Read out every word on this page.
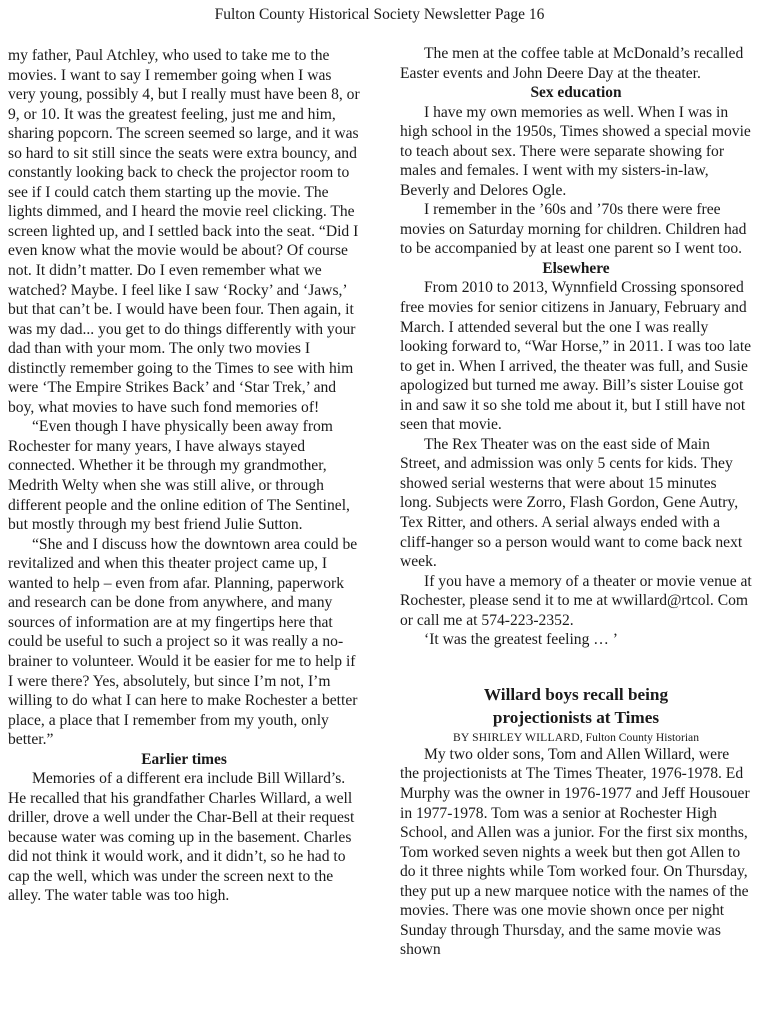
Fulton County Historical Society Newsletter Page 16

my father, Paul Atchley, who used to take me to the movies. I want to say I remember going when I was very young, possibly 4, but I really must have been 8, or 9, or 10. It was the greatest feeling, just me and him, sharing popcorn. The screen seemed so large, and it was so hard to sit still since the seats were extra bouncy, and constantly looking back to check the projector room to see if I could catch them starting up the movie. The lights dimmed, and I heard the movie reel clicking. The screen lighted up, and I settled back into the seat. “Did I even know what the movie would be about? Of course not. It didn’t matter. Do I even remember what we watched? Maybe. I feel like I saw ‘Rocky’ and ‘Jaws,’ but that can’t be. I would have been four. Then again, it was my dad... you get to do things differently with your dad than with your mom. The only two movies I distinctly remember going to the Times to see with him were ‘The Empire Strikes Back’ and ‘Star Trek,’ and boy, what movies to have such fond memories of!

“Even though I have physically been away from Rochester for many years, I have always stayed connected. Whether it be through my grandmother, Medrith Welty when she was still alive, or through different people and the online edition of The Sentinel, but mostly through my best friend Julie Sutton.

“She and I discuss how the downtown area could be revitalized and when this theater project came up, I wanted to help – even from afar. Planning, paperwork and research can be done from anywhere, and many sources of information are at my fingertips here that could be useful to such a project so it was really a no-brainer to volunteer. Would it be easier for me to help if I were there? Yes, absolutely, but since I’m not, I’m willing to do what I can here to make Rochester a better place, a place that I remember from my youth, only better.”

Earlier times

Memories of a different era include Bill Willard’s. He recalled that his grandfather Charles Willard, a well driller, drove a well under the Char-Bell at their request because water was coming up in the basement. Charles did not think it would work, and it didn’t, so he had to cap the well, which was under the screen next to the alley. The water table was too high.

The men at the coffee table at McDonald’s recalled Easter events and John Deere Day at the theater.

Sex education

I have my own memories as well. When I was in high school in the 1950s, Times showed a special movie to teach about sex. There were separate showing for males and females. I went with my sisters-in-law, Beverly and Delores Ogle.

I remember in the ’60s and ’70s there were free movies on Saturday morning for children. Children had to be accompanied by at least one parent so I went too.

Elsewhere

From 2010 to 2013, Wynnfield Crossing sponsored free movies for senior citizens in January, February and March. I attended several but the one I was really looking forward to, “War Horse,” in 2011. I was too late to get in. When I arrived, the theater was full, and Susie apologized but turned me away. Bill’s sister Louise got in and saw it so she told me about it, but I still have not seen that movie.

The Rex Theater was on the east side of Main Street, and admission was only 5 cents for kids. They showed serial westerns that were about 15 minutes long. Subjects were Zorro, Flash Gordon, Gene Autry, Tex Ritter, and others. A serial always ended with a cliff-hanger so a person would want to come back next week.

If you have a memory of a theater or movie venue at Rochester, please send it to me at wwillard@rtcol. Com or call me at 574-223-2352.

‘It was the greatest feeling … ’

Willard boys recall being
projectionists at Times
BY SHIRLEY WILLARD, Fulton County Historian

My two older sons, Tom and Allen Willard, were the projectionists at The Times Theater, 1976-1978. Ed Murphy was the owner in 1976-1977 and Jeff Housouer in 1977-1978. Tom was a senior at Rochester High School, and Allen was a junior. For the first six months, Tom worked seven nights a week but then got Allen to do it three nights while Tom worked four. On Thursday, they put up a new marquee notice with the names of the movies. There was one movie shown once per night Sunday through Thursday, and the same movie was shown
